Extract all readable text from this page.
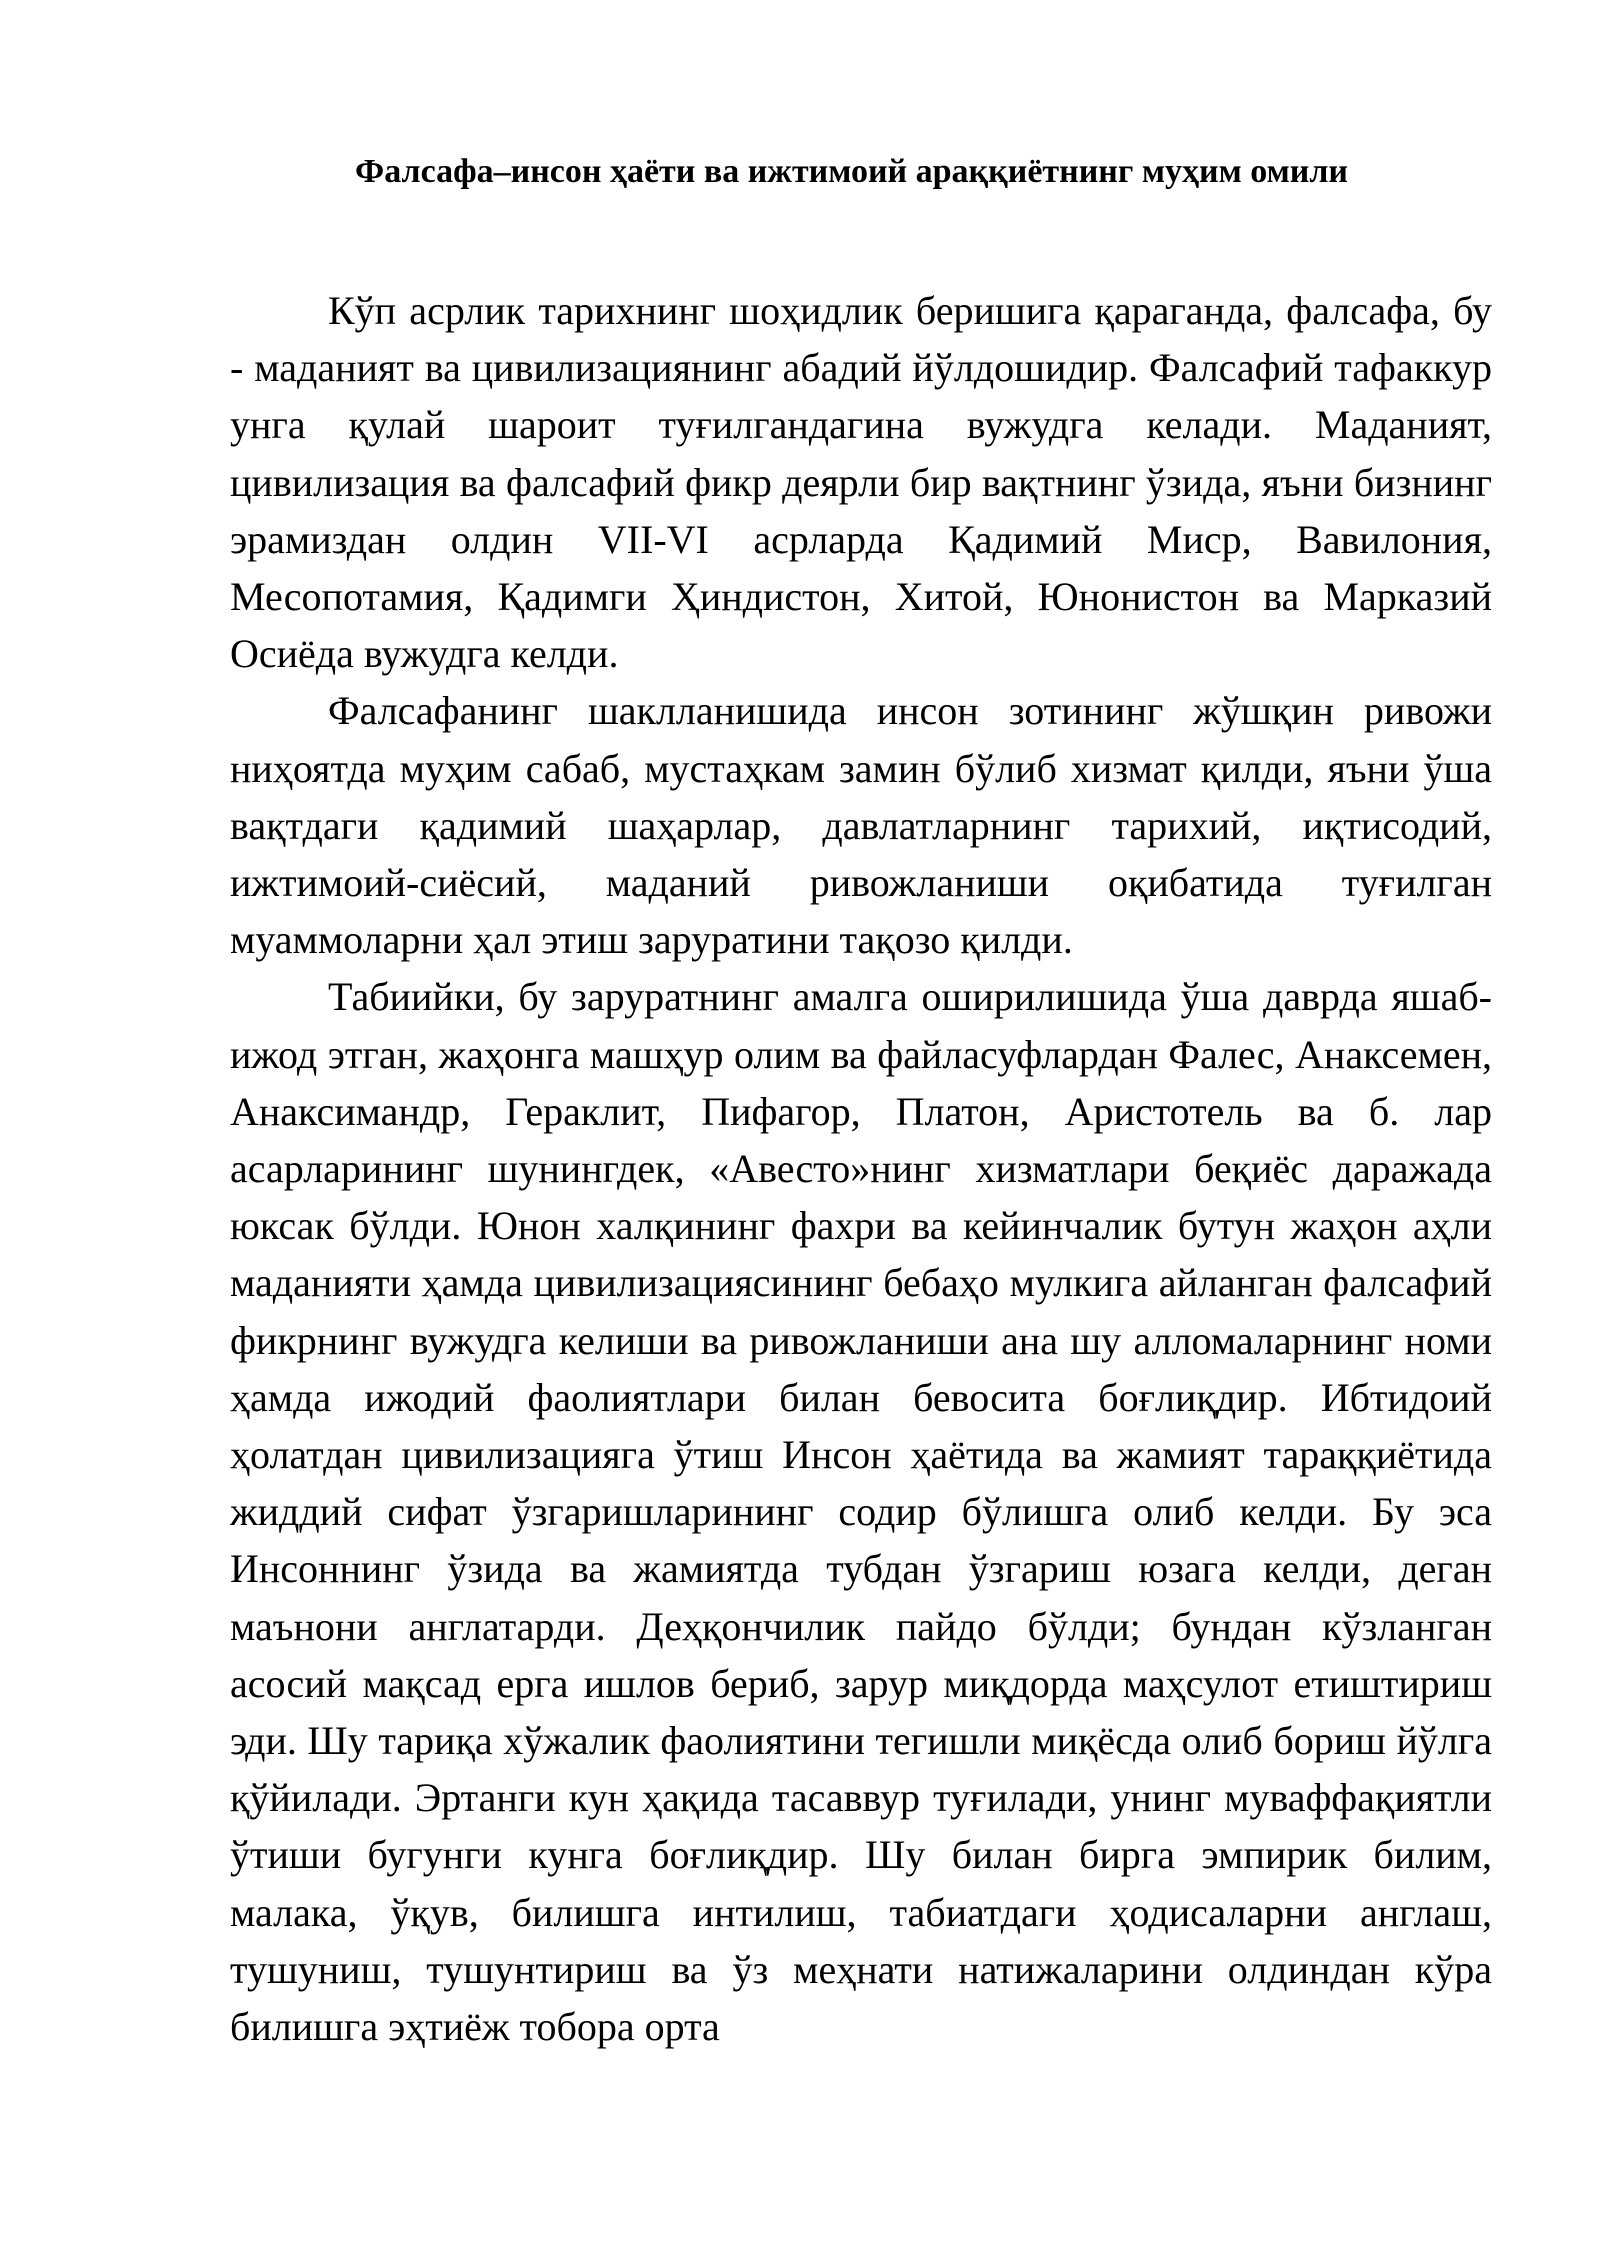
Фалсафа–инсон ҳаёти ва ижтимоий араққиётнинг муҳим омили

Кўп асрлик тарихнинг шоҳидлик беришига қараганда, фалсафа, бу - маданият ва цивилизациянинг абадий йўлдошидир. Фалсафий тафаккур унга қулай шароит туғилгандагина вужудга келади. Маданият, цивилизация ва фалсафий фикр деярли бир вақтнинг ўзида, яъни бизнинг эрамиздан олдин VII-VI асрларда Қадимий Миср, Вавилония, Месопотамия, Қадимги Ҳиндистон, Хитой, Юнонистон ва Марказий Осиёда вужудга келди.

Фалсафанинг шаклланишида инсон зотининг жўшқин ривожи ниҳоятда муҳим сабаб, мустаҳкам замин бўлиб хизмат қилди, яъни ўша вақтдаги қадимий шаҳарлар, давлатларнинг тарихий, иқтисодий, ижтимоий-сиёсий, маданий ривожланиши оқибатида туғилган муаммоларни ҳал этиш заруратини тақозо қилди.

Табиийки, бу заруратнинг амалга оширилишида ўша даврда яшаб-ижод этган, жаҳонга машҳур олим ва файласуфлардан Фалес, Анаксемен, Анаксимандр, Гераклит, Пифагор, Платон, Аристотель ва б. лар асарларининг шунингдек, «Авесто»нинг хизматлари беқиёс даражада юксак бўлди. Юнон халқининг фахри ва кейинчалик бутун жаҳон аҳли маданияти ҳамда цивилизациясининг бебаҳо мулкига айланган фалсафий фикрнинг вужудга келиши ва ривожланиши ана шу алломаларнинг номи ҳамда ижодий фаолиятлари билан бевосита боғлиқдир. Ибтидоий ҳолатдан цивилизацияга ўтиш Инсон ҳаётида ва жамият тараққиётида жиддий сифат ўзгаришларининг содир бўлишга олиб келди. Бу эса Инсоннинг ўзида ва жамиятда тубдан ўзгариш юзага келди, деган маънони англатарди. Деҳқончилик пайдо бўлди; бундан кўзланган асосий мақсад ерга ишлов бериб, зарур миқдорда маҳсулот етиштириш эди. Шу тариқа хўжалик фаолиятини тегишли миқёсда олиб бориш йўлга қўйилади. Эртанги кун ҳақида тасаввур туғилади, унинг муваффақиятли ўтиши бугунги кунга боғлиқдир. Шу билан бирга эмпирик билим, малака, ўқув, билишга интилиш, табиатдаги ҳодисаларни англаш, тушуниш, тушунтириш ва ўз меҳнати натижаларини олдиндан кўра билишга эҳтиёж тобора орта
